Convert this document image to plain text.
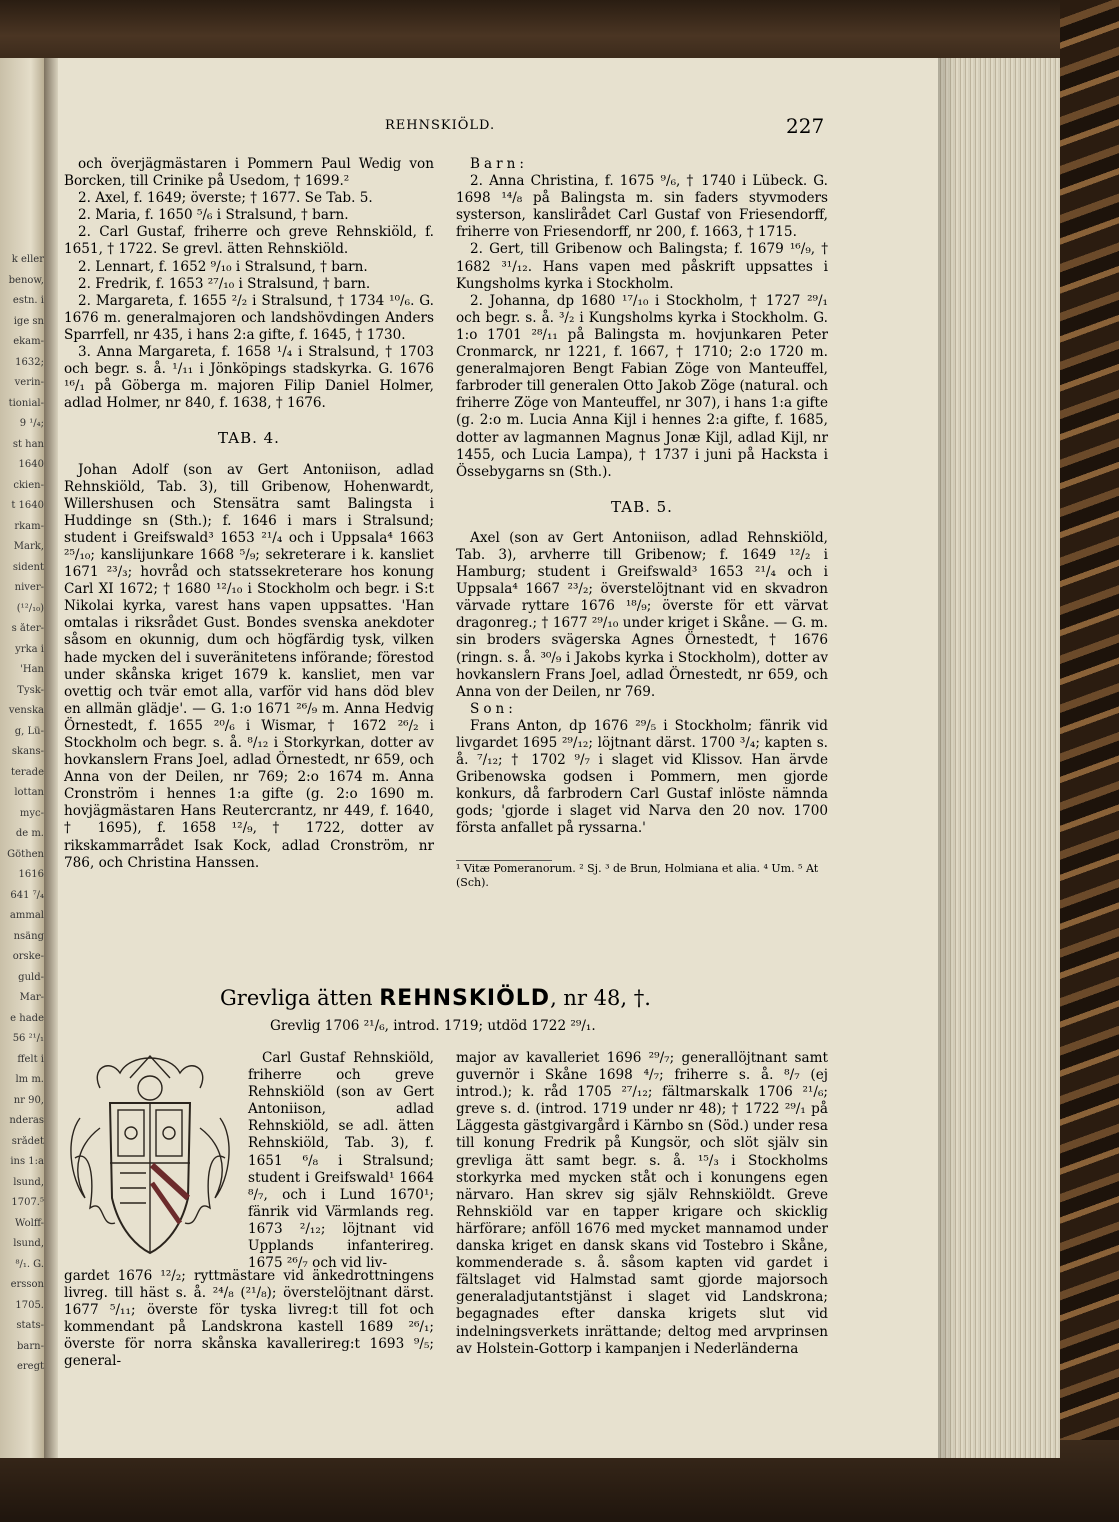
k eller
benow,
estn. i
ige sn
ekam-
1632;
verin-
tionial-
9 ¹/₄;
st han
1640
ckien-
t 1640
rkam-
Mark,
sident
niver-
(¹²/₁₀)
s åter-
yrka i
'Han
Tysk-
venska
g, Lü-
skans-
terade
lottan
myc-
de m.
Göthen
1616
641 ⁷/₄
ammal
nsäng
orske-
guld-
Mar-
e hade
56 ²¹/₁
ffelt i
lm m.
nr 90,
nderas
srådet
ins 1:a
lsund,
1707.⁵
Wolff-
lsund,
⁸/₁. G.
ersson
1705.
stats-
barn-
eregt
REHNSKIÖLD.	227

och överjägmästaren i Pommern Paul Wedig von Borcken, till Crinike på Usedom, † 1699.²

2. Axel, f. 1649; överste; † 1677. Se Tab. 5.

2. Maria, f. 1650 ⁵/₆ i Stralsund, † barn.

2. Carl Gustaf, friherre och greve Rehnskiöld, f. 1651, † 1722. Se grevl. ätten Rehnskiöld.

2. Lennart, f. 1652 ⁹/₁₀ i Stralsund, † barn.

2. Fredrik, f. 1653 ²⁷/₁₀ i Stralsund, † barn.

2. Margareta, f. 1655 ²/₂ i Stralsund, † 1734 ¹⁰/₆. G. 1676 m. generalmajoren och landshövdingen Anders Sparrfell, nr 435, i hans 2:a gifte, f. 1645, † 1730.

3. Anna Margareta, f. 1658 ¹/₄ i Stralsund, † 1703 och begr. s. å. ¹/₁₁ i Jönköpings stadskyrka. G. 1676 ¹⁶/₁ på Göberga m. majoren Filip Daniel Holmer, adlad Holmer, nr 840, f. 1638, † 1676.

TAB. 4.

Johan Adolf (son av Gert Antoniison, adlad Rehnskiöld, Tab. 3), till Gribenow, Hohenwardt, Willershusen och Stensätra samt Balingsta i Huddinge sn (Sth.); f. 1646 i mars i Stralsund; student i Greifswald³ 1653 ²¹/₄ och i Uppsala⁴ 1663 ²⁵/₁₀; kanslijunkare 1668 ⁵/₉; sekreterare i k. kansliet 1671 ²³/₃; hovråd och statssekreterare hos konung Carl XI 1672; † 1680 ¹²/₁₀ i Stockholm och begr. i S:t Nikolai kyrka, varest hans vapen uppsattes. 'Han omtalas i riksrådet Gust. Bondes svenska anekdoter såsom en okunnig, dum och högfärdig tysk, vilken hade mycken del i suveränitetens införande; förestod under skånska kriget 1679 k. kansliet, men var ovettig och tvär emot alla, varför vid hans död blev en allmän glädje'. — G. 1:o 1671 ²⁶/₉ m. Anna Hedvig Örnestedt, f. 1655 ²⁰/₆ i Wismar, † 1672 ²⁶/₂ i Stockholm och begr. s. å. ⁸/₁₂ i Storkyrkan, dotter av hovkanslern Frans Joel, adlad Örnestedt, nr 659, och Anna von der Deilen, nr 769; 2:o 1674 m. Anna Cronström i hennes 1:a gifte (g. 2:o 1690 m. hovjägmästaren Hans Reutercrantz, nr 449, f. 1640, † 1695), f. 1658 ¹²/₉, † 1722, dotter av rikskammarrådet Isak Kock, adlad Cronström, nr 786, och Christina Hanssen.

Barn:

2. Anna Christina, f. 1675 ⁹/₆, † 1740 i Lübeck. G. 1698 ¹⁴/₈ på Balingsta m. sin faders styvmoders systerson, kanslirådet Carl Gustaf von Friesendorff, friherre von Friesendorff, nr 200, f. 1663, † 1715.

2. Gert, till Gribenow och Balingsta; f. 1679 ¹⁶/₉, † 1682 ³¹/₁₂. Hans vapen med påskrift uppsattes i Kungsholms kyrka i Stockholm.

2. Johanna, dp 1680 ¹⁷/₁₀ i Stockholm, † 1727 ²⁹/₁ och begr. s. å. ³/₂ i Kungsholms kyrka i Stockholm. G. 1:o 1701 ²⁸/₁₁ på Balingsta m. hovjunkaren Peter Cronmarck, nr 1221, f. 1667, † 1710; 2:o 1720 m. generalmajoren Bengt Fabian Zöge von Manteuffel, farbroder till generalen Otto Jakob Zöge (natural. och friherre Zöge von Manteuffel, nr 307), i hans 1:a gifte (g. 2:o m. Lucia Anna Kijl i hennes 2:a gifte, f. 1685, dotter av lagmannen Magnus Jonæ Kijl, adlad Kijl, nr 1455, och Lucia Lampa), † 1737 i juni på Hacksta i Össebygarns sn (Sth.).

TAB. 5.

Axel (son av Gert Antoniison, adlad Rehnskiöld, Tab. 3), arvherre till Gribenow; f. 1649 ¹²/₂ i Hamburg; student i Greifswald³ 1653 ²¹/₄ och i Uppsala⁴ 1667 ²³/₂; överstelöjtnant vid en skvadron värvade ryttare 1676 ¹⁸/₉; överste för ett värvat dragonreg.; † 1677 ²⁹/₁₀ under kriget i Skåne. — G. m. sin broders svägerska Agnes Örnestedt, † 1676 (ringn. s. å. ³⁰/₉ i Jakobs kyrka i Stockholm), dotter av hovkanslern Frans Joel, adlad Örnestedt, nr 659, och Anna von der Deilen, nr 769.

Son:

Frans Anton, dp 1676 ²⁹/₅ i Stockholm; fänrik vid livgardet 1695 ²⁹/₁₂; löjtnant därst. 1700 ³/₄; kapten s. å. ⁷/₁₂; † 1702 ⁹/₇ i slaget vid Klissov. Han ärvde Gribenowska godsen i Pommern, men gjorde konkurs, då farbrodern Carl Gustaf inlöste nämnda gods; 'gjorde i slaget vid Narva den 20 nov. 1700 första anfallet på ryssarna.'

¹ Vitæ Pomeranorum. ² Sj. ³ de Brun, Holmiana et alia. ⁴ Um. ⁵ At (Sch).
Grevliga ätten REHNSKIÖLD, nr 48, †.
Grevlig 1706 ²¹/₆, introd. 1719; utdöd 1722 ²⁹/₁.

Carl Gustaf Rehnskiöld, friherre och greve Rehnskiöld (son av Gert Antoniison, adlad Rehnskiöld, se adl. ätten Rehnskiöld, Tab. 3), f. 1651 ⁶/₈ i Stralsund; student i Greifswald¹ 1664 ⁸/₇, och i Lund 1670¹; fänrik vid Värmlands reg. 1673 ²/₁₂; löjtnant vid Upplands infanterireg. 1675 ²⁶/₇ och vid liv-

gardet 1676 ¹²/₂; ryttmästare vid änkedrottningens livreg. till häst s. å. ²⁴/₈ (²¹/₈); överstelöjtnant därst. 1677 ⁵/₁₁; överste för tyska livreg:t till fot och kommendant på Landskrona kastell 1689 ²⁶/₁; överste för norra skånska kavallerireg:t 1693 ⁹/₅; general-

major av kavalleriet 1696 ²⁹/₇; generallöjtnant samt guvernör i Skåne 1698 ⁴/₇; friherre s. å. ⁸/₇ (ej introd.); k. råd 1705 ²⁷/₁₂; fältmarskalk 1706 ²¹/₆; greve s. d. (introd. 1719 under nr 48); † 1722 ²⁹/₁ på Läggesta gästgivargård i Kärnbo sn (Söd.) under resa till konung Fredrik på Kungsör, och slöt själv sin grevliga ätt samt begr. s. å. ¹⁵/₃ i Stockholms storkyrka med mycken ståt och i konungens egen närvaro. Han skrev sig själv Rehnskiöldt. Greve Rehnskiöld var en tapper krigare och skicklig härförare; anföll 1676 med mycket mannamod under danska kriget en dansk skans vid Tostebro i Skåne, kommenderade s. å. såsom kapten vid gardet i fältslaget vid Halmstad samt gjorde majorsoch generaladjutantstjänst i slaget vid Landskrona; begagnades efter danska krigets slut vid indelningsverkets inrättande; deltog med arvprinsen av Holstein-Gottorp i kampanjen i Nederländerna
